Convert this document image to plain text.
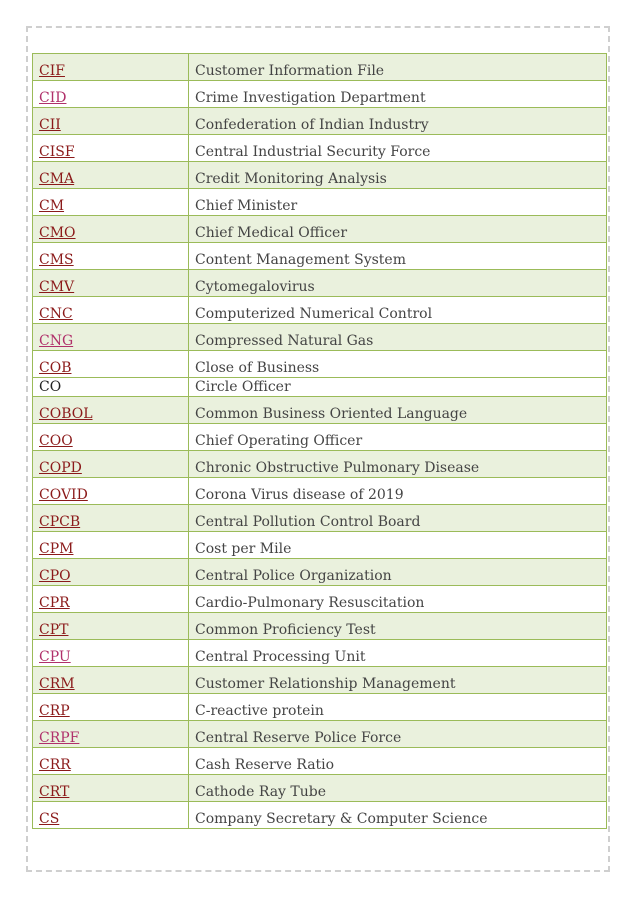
CIF	Customer Information File
CID	Crime Investigation Department
CII	Confederation of Indian Industry
CISF	Central Industrial Security Force
CMA	Credit Monitoring Analysis
CM	Chief Minister
CMO	Chief Medical Officer
CMS	Content Management System
CMV	Cytomegalovirus
CNC	Computerized Numerical Control
CNG	Compressed Natural Gas
COB	Close of Business
CO	Circle Officer
COBOL	Common Business Oriented Language
COO	Chief Operating Officer
COPD	Chronic Obstructive Pulmonary Disease
COVID	Corona Virus disease of 2019
CPCB	Central Pollution Control Board
CPM	Cost per Mile
CPO	Central Police Organization
CPR	Cardio-Pulmonary Resuscitation
CPT	Common Proficiency Test
CPU	Central Processing Unit
CRM	Customer Relationship Management
CRP	C-reactive protein
CRPF	Central Reserve Police Force
CRR	Cash Reserve Ratio
CRT	Cathode Ray Tube
CS	Company Secretary & Computer Science
